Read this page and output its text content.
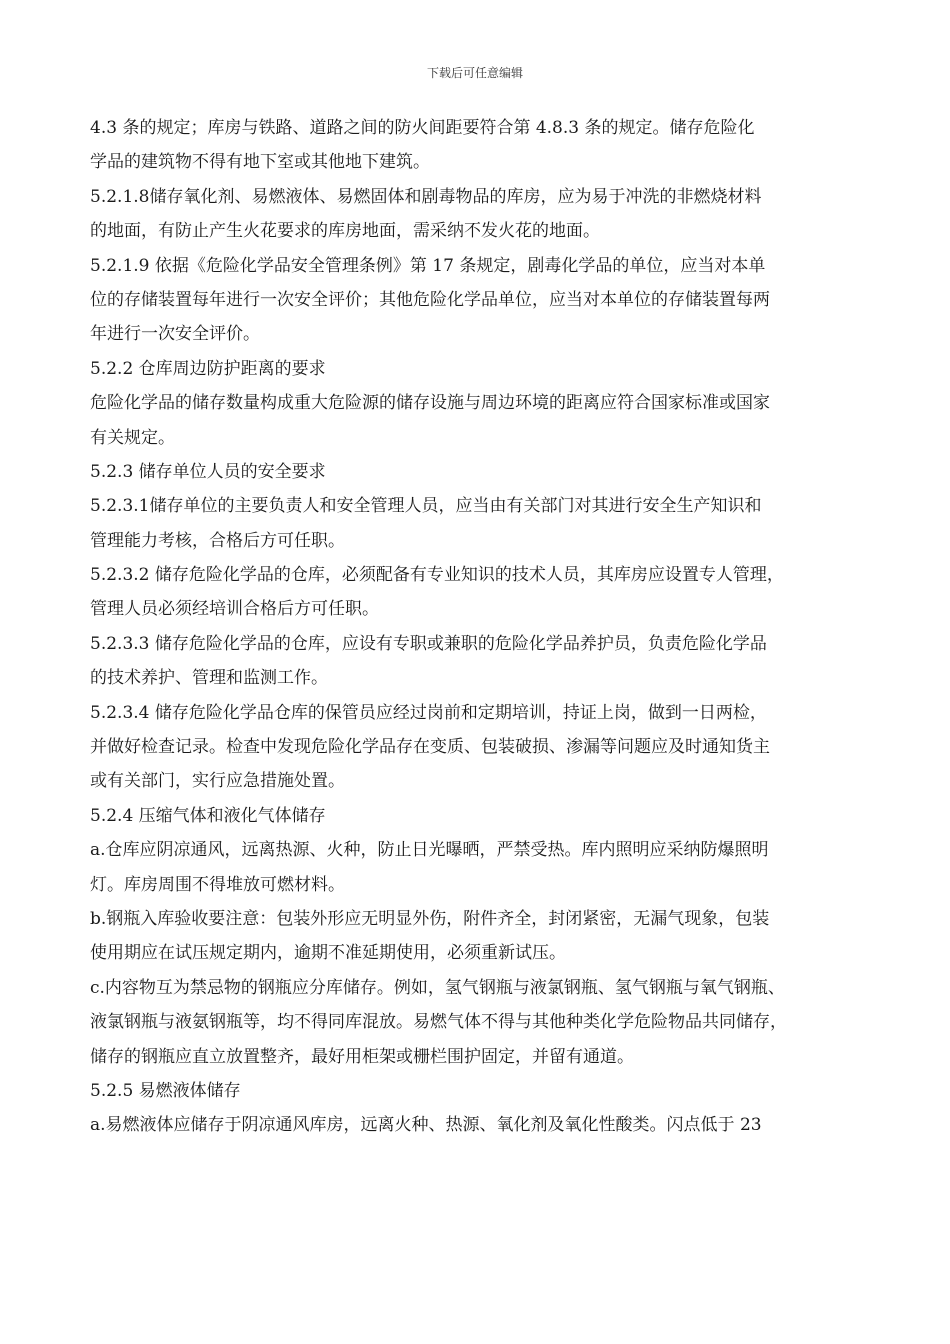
下载后可任意编辑
4.3 条的规定；库房与铁路、道路之间的防火间距要符合第 4.8.3 条的规定。储存危险化
学品的建筑物不得有地下室或其他地下建筑。
5.2.1.8储存氧化剂、易燃液体、易燃固体和剧毒物品的库房，应为易于冲洗的非燃烧材料
的地面，有防止产生火花要求的库房地面，需采纳不发火花的地面。
5.2.1.9 依据《危险化学品安全管理条例》第 17 条规定，剧毒化学品的单位，应当对本单
位的存储装置每年进行一次安全评价；其他危险化学品单位，应当对本单位的存储装置每两
年进行一次安全评价。
5.2.2 仓库周边防护距离的要求
危险化学品的储存数量构成重大危险源的储存设施与周边环境的距离应符合国家标准或国家
有关规定。
5.2.3 储存单位人员的安全要求
5.2.3.1储存单位的主要负责人和安全管理人员，应当由有关部门对其进行安全生产知识和
管理能力考核，合格后方可任职。
5.2.3.2 储存危险化学品的仓库，必须配备有专业知识的技术人员，其库房应设置专人管理，
管理人员必须经培训合格后方可任职。
5.2.3.3 储存危险化学品的仓库，应设有专职或兼职的危险化学品养护员，负责危险化学品
的技术养护、管理和监测工作。
5.2.3.4 储存危险化学品仓库的保管员应经过岗前和定期培训，持证上岗，做到一日两检，
并做好检查记录。检查中发现危险化学品存在变质、包装破损、渗漏等问题应及时通知货主
或有关部门，实行应急措施处置。
5.2.4 压缩气体和液化气体储存
a.仓库应阴凉通风，远离热源、火种，防止日光曝晒，严禁受热。库内照明应采纳防爆照明
灯。库房周围不得堆放可燃材料。
b.钢瓶入库验收要注意：包装外形应无明显外伤，附件齐全，封闭紧密，无漏气现象，包装
使用期应在试压规定期内，逾期不准延期使用，必须重新试压。
c.内容物互为禁忌物的钢瓶应分库储存。例如，氢气钢瓶与液氯钢瓶、氢气钢瓶与氧气钢瓶、
液氯钢瓶与液氨钢瓶等，均不得同库混放。易燃气体不得与其他种类化学危险物品共同储存，
储存的钢瓶应直立放置整齐，最好用柜架或栅栏围护固定，并留有通道。
5.2.5 易燃液体储存
a.易燃液体应储存于阴凉通风库房，远离火种、热源、氧化剂及氧化性酸类。闪点低于 23
